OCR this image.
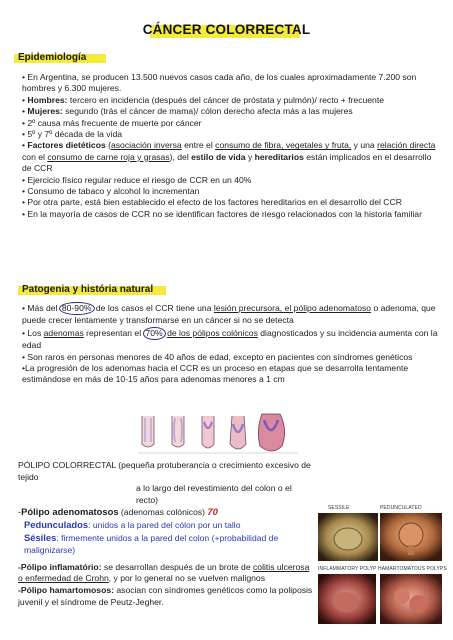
CÁNCER COLORRECTAL
Epidemiología

• En Argentina, se producen 13.500 nuevos casos cada año, de los cuales aproximadamente 7.200 son hombres y 6.300 mujeres.

• Hombres: tercero en incidencia (después del cáncer de próstata y pulmón)/ recto + frecuente

• Mujeres: segundo (trás el cáncer de mama)/ cólon derecho afecta más a las mujeres

• 2º causa más frecuente de muerte por cáncer

• 5º y 7º década de la vida

• Factores dietéticos (asociación inversa entre el consumo de fibra, vegetales y fruta, y una relación directa con el consumo de carne roja y grasas), del estilo de vida y hereditarios están implicados en el desarrollo de CCR

• Ejercicio físico regular reduce el riesgo de CCR en un 40%

• Consumo de tabaco y alcohol lo incrementan

• Por otra parte, está bien establecido el efecto de los factores hereditarios en el desarrollo del CCR

• En la mayoría de casos de CCR no se identifican factores de riesgo relacionados con la historia familiar

Patogenia y história natural

• Más del 80-90% de los casos el CCR tiene una lesión precursora, el pólipo adenomatoso o adenoma, que puede crecer lentamente y transformarse en un cáncer si no se detecta

• Los adenomas representan el 70% de los pólipos colónicos diagnosticados y su incidencia aumenta con la edad

• Son raros en personas menores de 40 años de edad, excepto en pacientes con síndromes genéticos

•La progresión de los adenomas hacia el CCR es un proceso en etapas que se desarrolla lentamente estimándose en más de 10-15 años para adenomas menores a 1 cm

PÓLIPO COLORRECTAL (pequeña protuberancia o crecimiento excesivo de tejido

a lo largo del revestimiento del colon o el recto)

-Pólipo adenomatosos (adenomas colónicos) 70

Pedunculados: unidos a la pared del cólon por un tallo

Sésiles: firmemente unidos a la pared del colon (+probabilidad de malignizarse)

-Pólipo inflamatório: se desarrollan después de un brote de colitis ulcerosa o enfermedad de Crohn, y por lo general no se vuelven malignos

-Pólipo hamartomosos: asocian con síndromes genéticos como la poliposis juvenil y el síndrome de Peutz-Jegher.

SESSILE	PEDUNCULATED
INFLAMMATORY POLYP HAMARTOMATOUS POLYPS
